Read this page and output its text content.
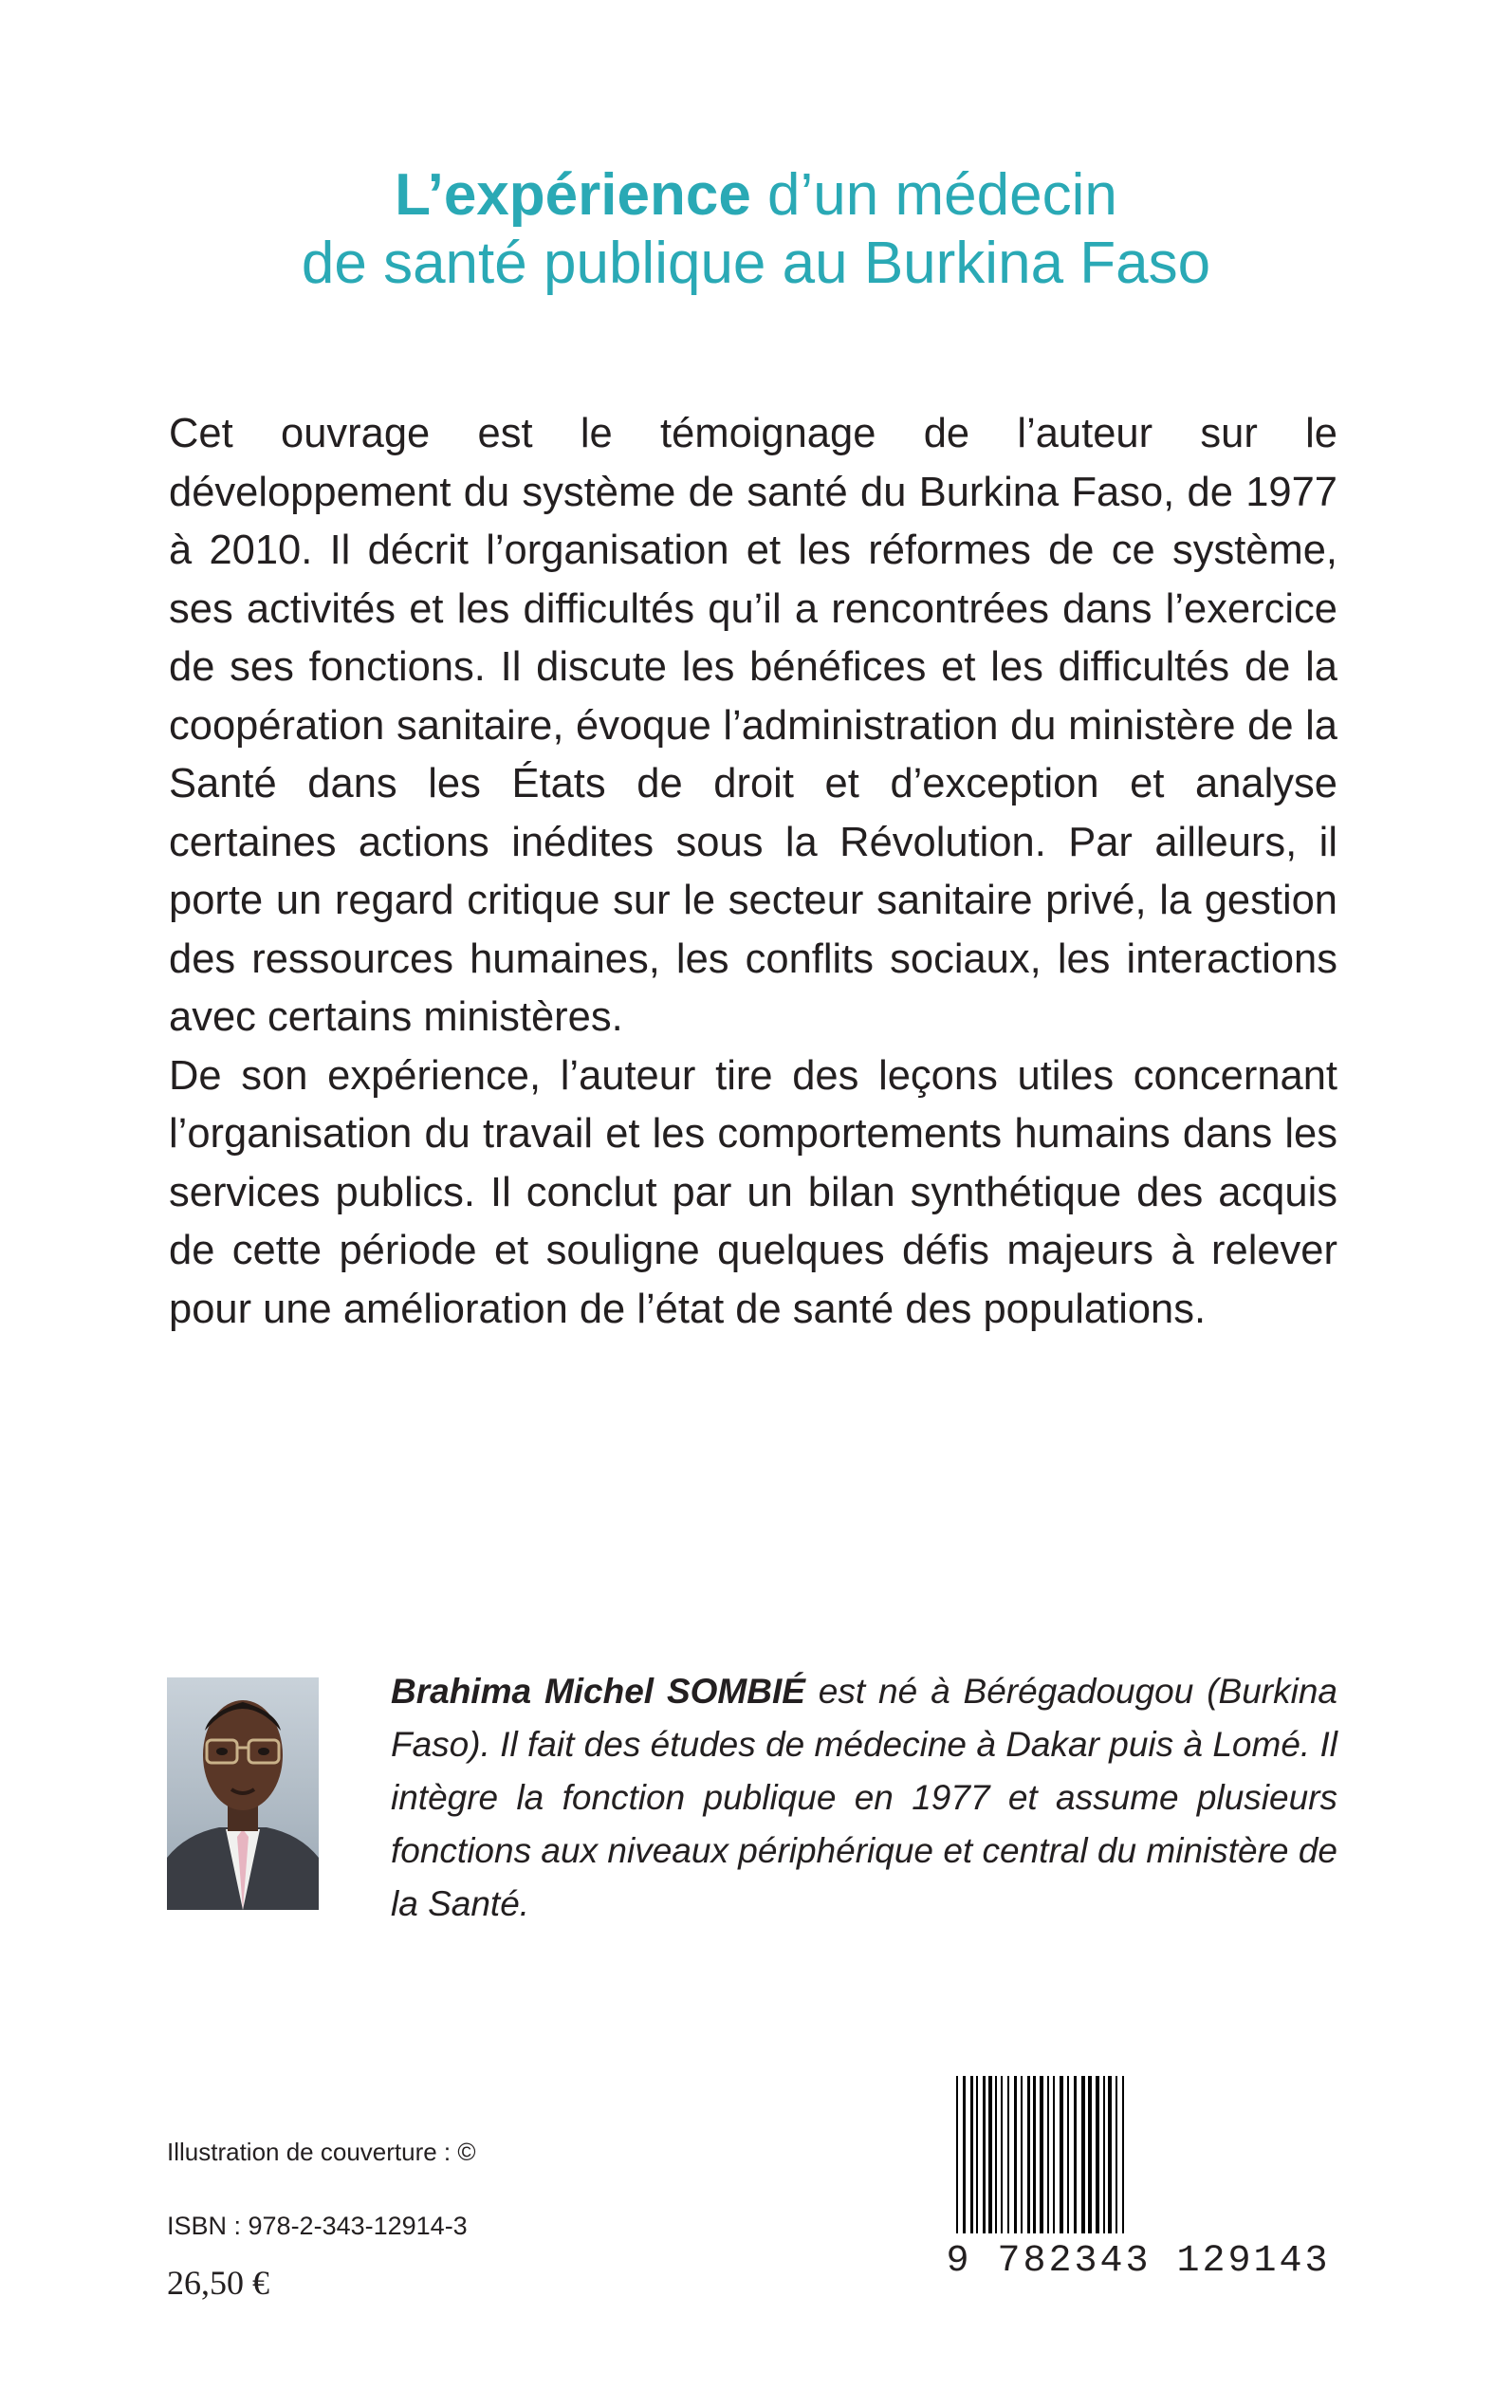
L’expérience d’un médecin
de santé publique au Burkina Faso

Cet ouvrage est le témoignage de l’auteur sur le développement du système de santé du Burkina Faso, de 1977 à 2010. Il décrit l’organisation et les réformes de ce système, ses activités et les difficultés qu’il a rencontrées dans l’exercice de ses fonctions. Il discute les bénéfices et les difficultés de la coopération sanitaire, évoque l’administration du ministère de la Santé dans les États de droit et d’exception et analyse certaines actions inédites sous la Révolution. Par ailleurs, il porte un regard critique sur le secteur sanitaire privé, la gestion des ressources humaines, les conflits sociaux, les interactions avec certains ministères.

De son expérience, l’auteur tire des leçons utiles concernant l’organisation du travail et les comportements humains dans les services publics. Il conclut par un bilan synthétique des acquis de cette période et souligne quelques défis majeurs à relever pour une amélioration de l’état de santé des populations.

Brahima Michel SOMBIÉ est né à Bérégadougou (Burkina Faso). Il fait des études de médecine à Dakar puis à Lomé. Il intègre la fonction publique en 1977 et assume plusieurs fonctions aux niveaux périphérique et central du ministère de la Santé.
Illustration de couverture : ©
ISBN : 978-2-343-12914-3
26,50 €	9 782343 129143
